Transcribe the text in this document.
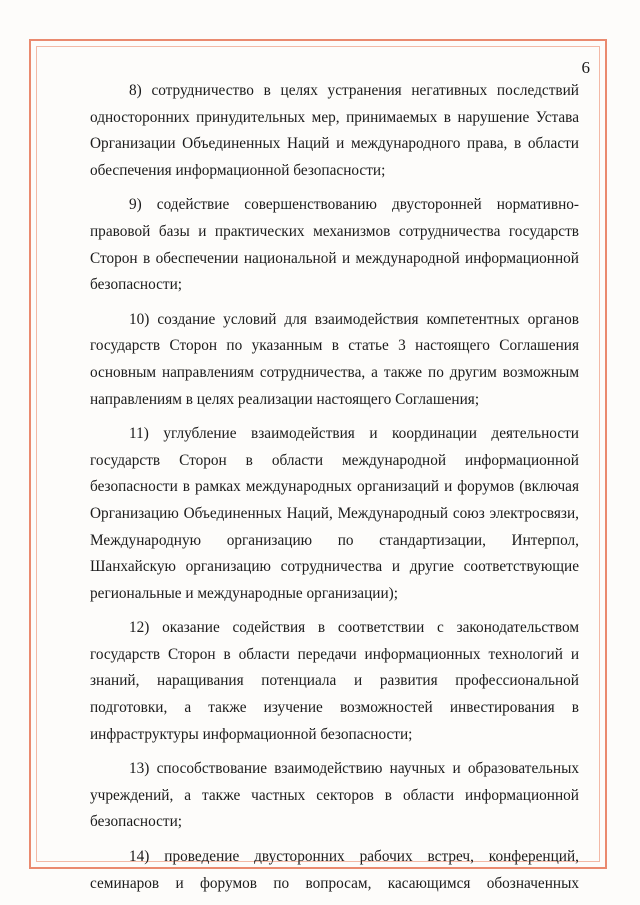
6

8) сотрудничество в целях устранения негативных последствий односторонних принудительных мер, принимаемых в нарушение Устава Организации Объединенных Наций и международного права, в области обеспечения информационной безопасности;

9) содействие совершенствованию двусторонней нормативно-правовой базы и практических механизмов сотрудничества государств Сторон в обеспечении национальной и международной информационной безопасности;

10) создание условий для взаимодействия компетентных органов государств Сторон по указанным в статье 3 настоящего Соглашения основным направлениям сотрудничества, а также по другим возможным направлениям в целях реализации настоящего Соглашения;

11) углубление взаимодействия и координации деятельности государств Сторон в области международной информационной безопасности в рамках международных организаций и форумов (включая Организацию Объединенных Наций, Международный союз электросвязи, Международную организацию по стандартизации, Интерпол, Шанхайскую организацию сотрудничества и другие соответствующие региональные и международные организации);

12) оказание содействия в соответствии с законодательством государств Сторон в области передачи информационных технологий и знаний, наращивания потенциала и развития профессиональной подготовки, а также изучение возможностей инвестирования в инфраструктуры информационной безопасности;

13) способствование взаимодействию научных и образовательных учреждений, а также частных секторов в области информационной безопасности;

14) проведение двусторонних рабочих встреч, конференций, семинаров и форумов по вопросам, касающимся обозначенных
